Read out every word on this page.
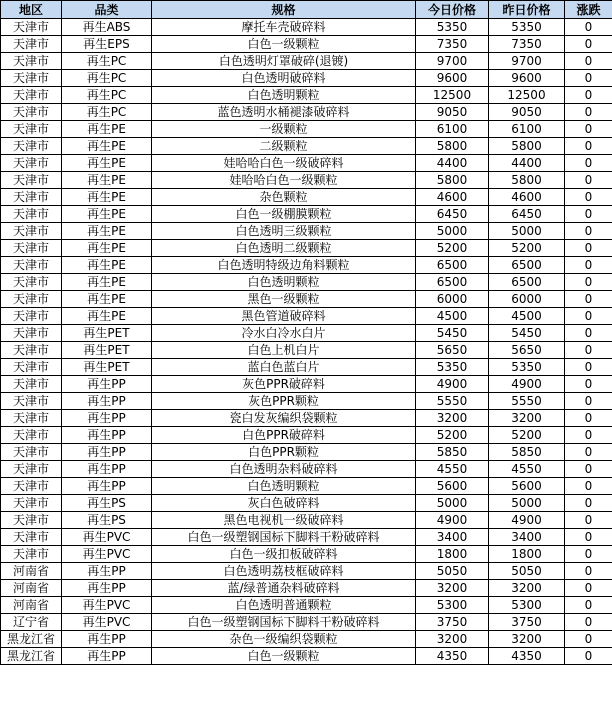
地区	品类	规格	今日价格	昨日价格	涨跌
天津市	再生ABS	摩托车壳破碎料	5350	5350	0
天津市	再生EPS	白色一级颗粒	7350	7350	0
天津市	再生PC	白色透明灯罩破碎(退镀)	9700	9700	0
天津市	再生PC	白色透明破碎料	9600	9600	0
天津市	再生PC	白色透明颗粒	12500	12500	0
天津市	再生PC	蓝色透明水桶褪漆破碎料	9050	9050	0
天津市	再生PE	一级颗粒	6100	6100	0
天津市	再生PE	二级颗粒	5800	5800	0
天津市	再生PE	娃哈哈白色一级破碎料	4400	4400	0
天津市	再生PE	娃哈哈白色一级颗粒	5800	5800	0
天津市	再生PE	杂色颗粒	4600	4600	0
天津市	再生PE	白色一级棚膜颗粒	6450	6450	0
天津市	再生PE	白色透明三级颗粒	5000	5000	0
天津市	再生PE	白色透明二级颗粒	5200	5200	0
天津市	再生PE	白色透明特级边角料颗粒	6500	6500	0
天津市	再生PE	白色透明颗粒	6500	6500	0
天津市	再生PE	黑色一级颗粒	6000	6000	0
天津市	再生PE	黑色管道破碎料	4500	4500	0
天津市	再生PET	冷水白冷水白片	5450	5450	0
天津市	再生PET	白色上机白片	5650	5650	0
天津市	再生PET	蓝白色蓝白片	5350	5350	0
天津市	再生PP	灰色PPR破碎料	4900	4900	0
天津市	再生PP	灰色PPR颗粒	5550	5550	0
天津市	再生PP	瓷白发灰编织袋颗粒	3200	3200	0
天津市	再生PP	白色PPR破碎料	5200	5200	0
天津市	再生PP	白色PPR颗粒	5850	5850	0
天津市	再生PP	白色透明杂料破碎料	4550	4550	0
天津市	再生PP	白色透明颗粒	5600	5600	0
天津市	再生PS	灰白色破碎料	5000	5000	0
天津市	再生PS	黑色电视机一级破碎料	4900	4900	0
天津市	再生PVC	白色一级塑钢国标下脚料干粉破碎料	3400	3400	0
天津市	再生PVC	白色一级扣板破碎料	1800	1800	0
河南省	再生PP	白色透明荔枝框破碎料	5050	5050	0
河南省	再生PP	蓝/绿普通杂料破碎料	3200	3200	0
河南省	再生PVC	白色透明普通颗粒	5300	5300	0
辽宁省	再生PVC	白色一级塑钢国标下脚料干粉破碎料	3750	3750	0
黑龙江省	再生PP	杂色一级编织袋颗粒	3200	3200	0
黑龙江省	再生PP	白色一级颗粒	4350	4350	0
